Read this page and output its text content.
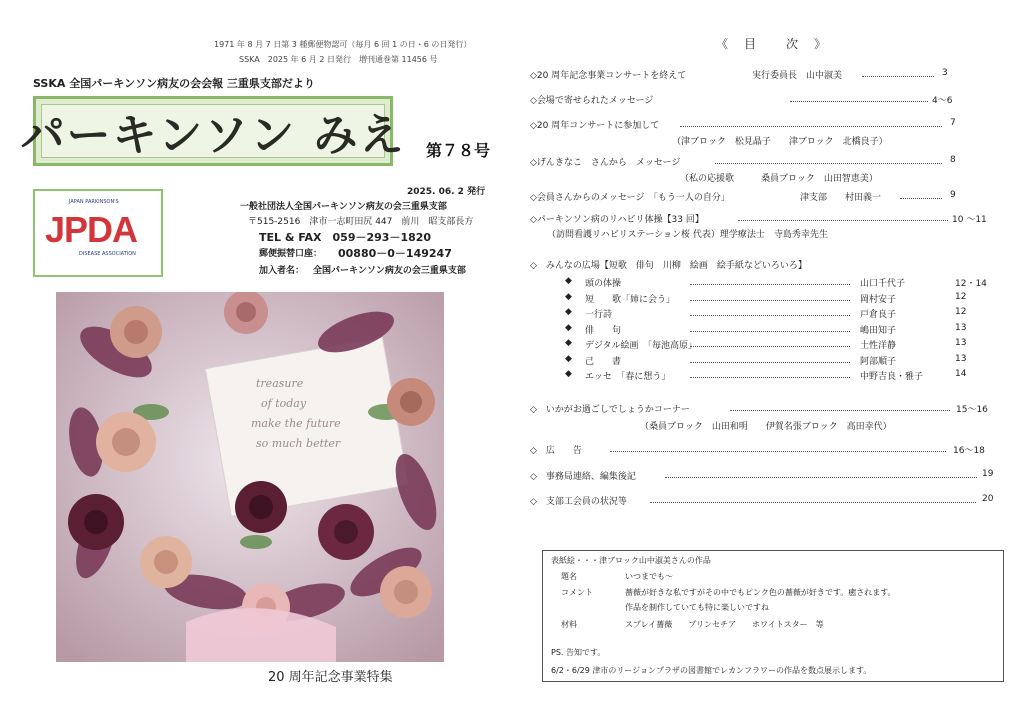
1971 年 8 月 7 日第 3 種郵便物認可（毎月 6 回 1 の日・6 の日発行）
SSKA　2025 年 6 月 2 日発行　増刊通巻第 11456 号
SSKA 全国パーキンソン病友の会会報 三重県支部だより
パーキンソン みえ 第７８号
JAPAN PARKINSON'S
JPDA
DISEASE ASSOCIATION
2025. 06. 2 発行
一般社団法人全国パーキンソン病友の会三重県支部
〒515-2516　津市一志町田尻 447　前川　昭支部長方
TEL & FAX　059－293－1820
郵便振替口座： 00880－0－149247
加入者名： 全国パーキンソン病友の会三重県支部
treasure
of today
make the future
so much better
20 周年記念事業特集
《　目　　次　》
◇20 周年記念事業コンサートを終えて	実行委員長　山中淑美	3
◇会場で寄せられたメッセージ	4～6
◇20 周年コンサートに参加して	7
（津ブロック　松見晶子　　津ブロック　北橋良子）
◇げんきなこ　さんから　メッセージ	8
（私の応援歌　　　桑員ブロック　山田智恵美）
◇会員さんからのメッセージ　「もう一人の自分」	津支部　　村田義一	9
◇パーキンソン病のリハビリ体操【33 回】	10 ～11
（訪問看護リハビリステーション桜 代表）理学療法士　寺島秀幸先生
◇　みんなの広場【短歌　俳句　川柳　絵画　絵手紙などいろいろ】
◆ 頭の体操	山口千代子	12・14
◆ 短　　歌「姉に会う」	岡村安子	12
◆ 一行詩	戸倉良子	12
◆ 俳　　句	嶋田知子	13
◆ デジタル絵画　「毎池高原」	土性洋静	13
◆ 己　　書	阿部順子	13
◆ エッセ　「春に想う」	中野吉良・雅子	14
◇　いかがお過ごしでしょうかコーナー	15～16
（桑員ブロック　山田和明　　伊賀名張ブロック　高田幸代）
◇　広　　告	16～18
◇　事務局連絡、編集後記	19
◇　支部工会員の状況等	20
表紙絵・・・津ブロック山中淑美さんの作品
題名	いつまでも～
コメント	薔薇が好きな私ですがその中でもピンク色の薔薇が好きです。癒されます。
作品を制作していても特に楽しいですね
材料	スプレイ薔薇　　プリンセチア　　ホワイトスター　等
PS. 告知です。
6/2・6/29 津市のリージョンプラザの図書館でレカンフラワーの作品を数点展示します。
